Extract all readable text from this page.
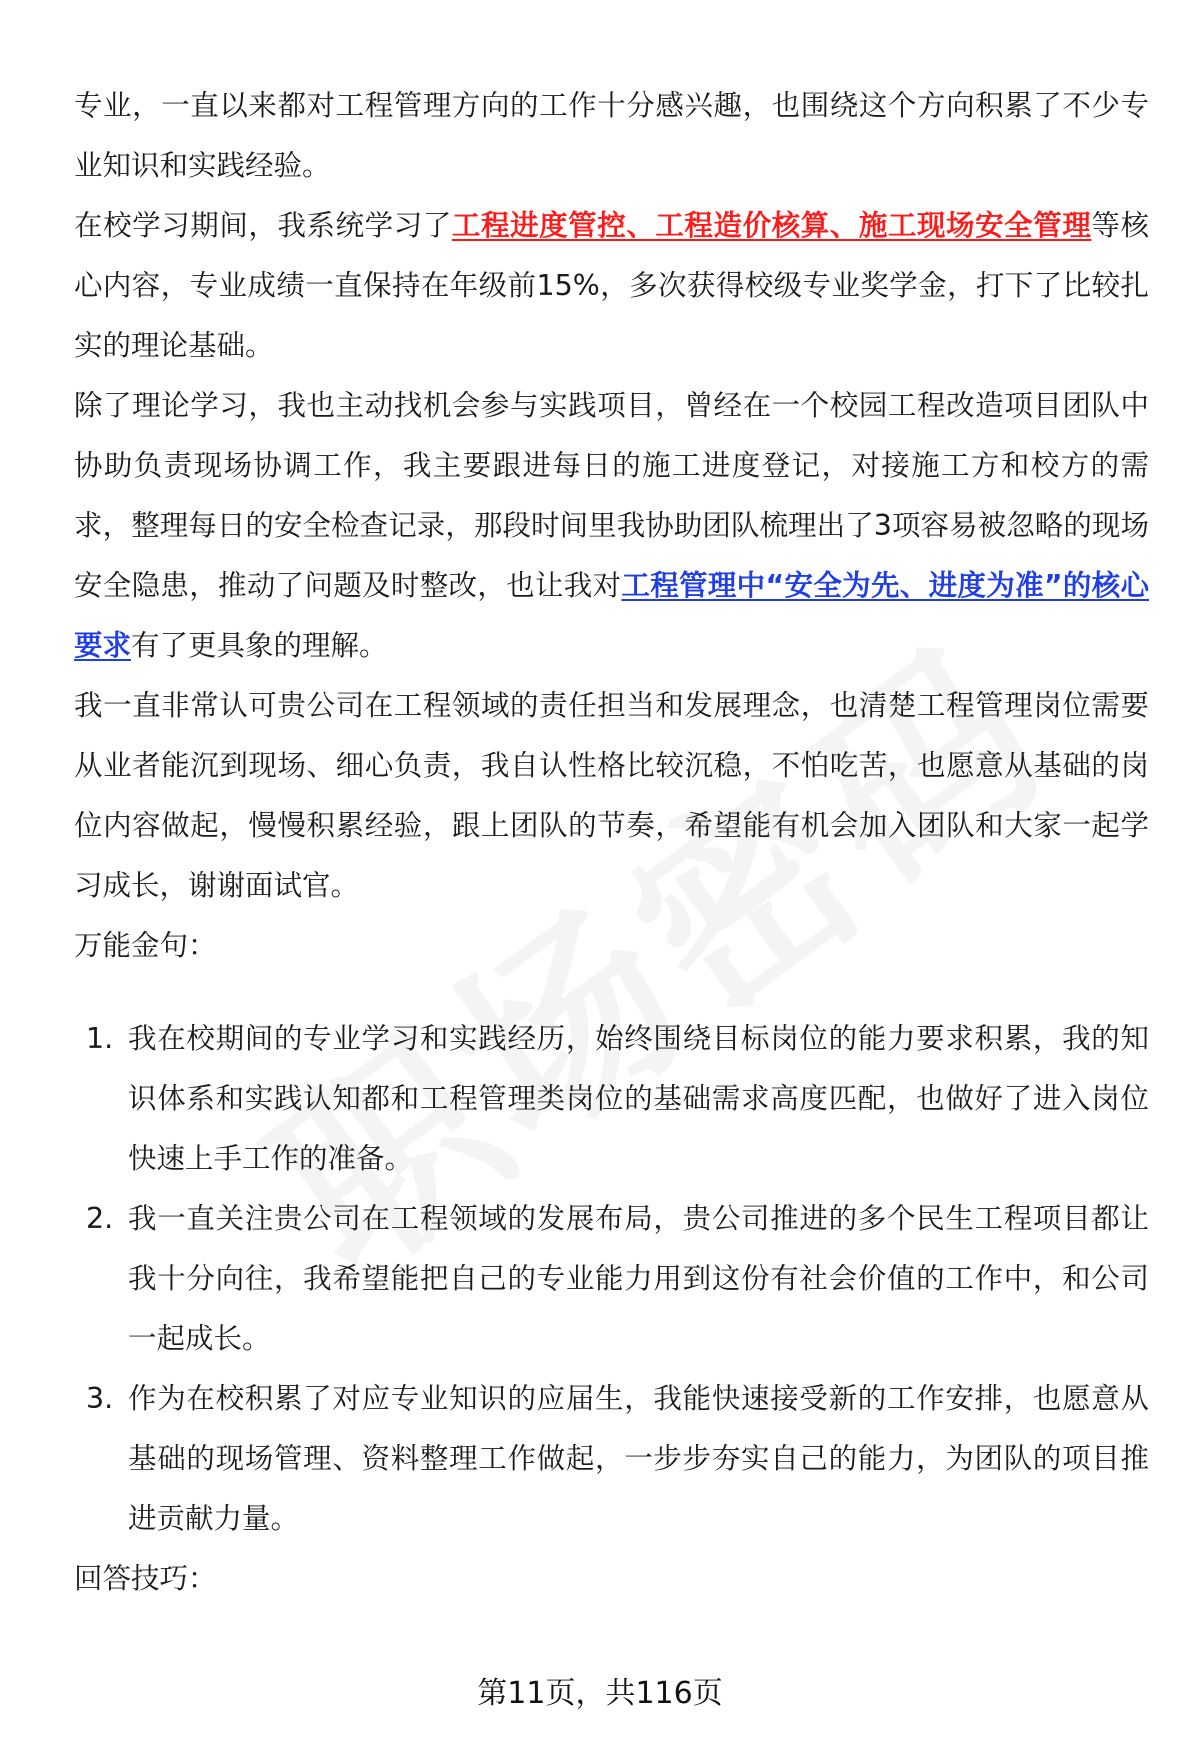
专业，一直以来都对工程管理方向的工作十分感兴趣，也围绕这个方向积累了不少专业知识和实践经验。

在校学习期间，我系统学习了工程进度管控、工程造价核算、施工现场安全管理等核心内容，专业成绩一直保持在年级前15%，多次获得校级专业奖学金，打下了比较扎实的理论基础。

除了理论学习，我也主动找机会参与实践项目，曾经在一个校园工程改造项目团队中协助负责现场协调工作，我主要跟进每日的施工进度登记，对接施工方和校方的需求，整理每日的安全检查记录，那段时间里我协助团队梳理出了3项容易被忽略的现场安全隐患，推动了问题及时整改，也让我对工程管理中“安全为先、进度为准”的核心要求有了更具象的理解。

我一直非常认可贵公司在工程领域的责任担当和发展理念，也清楚工程管理岗位需要从业者能沉到现场、细心负责，我自认性格比较沉稳，不怕吃苦，也愿意从基础的岗位内容做起，慢慢积累经验，跟上团队的节奏，希望能有机会加入团队和大家一起学习成长，谢谢面试官。

万能金句：

1. 我在校期间的专业学习和实践经历，始终围绕目标岗位的能力要求积累，我的知识体系和实践认知都和工程管理类岗位的基础需求高度匹配，也做好了进入岗位快速上手工作的准备。
2. 我一直关注贵公司在工程领域的发展布局，贵公司推进的多个民生工程项目都让我十分向往，我希望能把自己的专业能力用到这份有社会价值的工作中，和公司一起成长。
3. 作为在校积累了对应专业知识的应届生，我能快速接受新的工作安排，也愿意从基础的现场管理、资料整理工作做起，一步步夯实自己的能力，为团队的项目推进贡献力量。

回答技巧：

第11页，共116页
